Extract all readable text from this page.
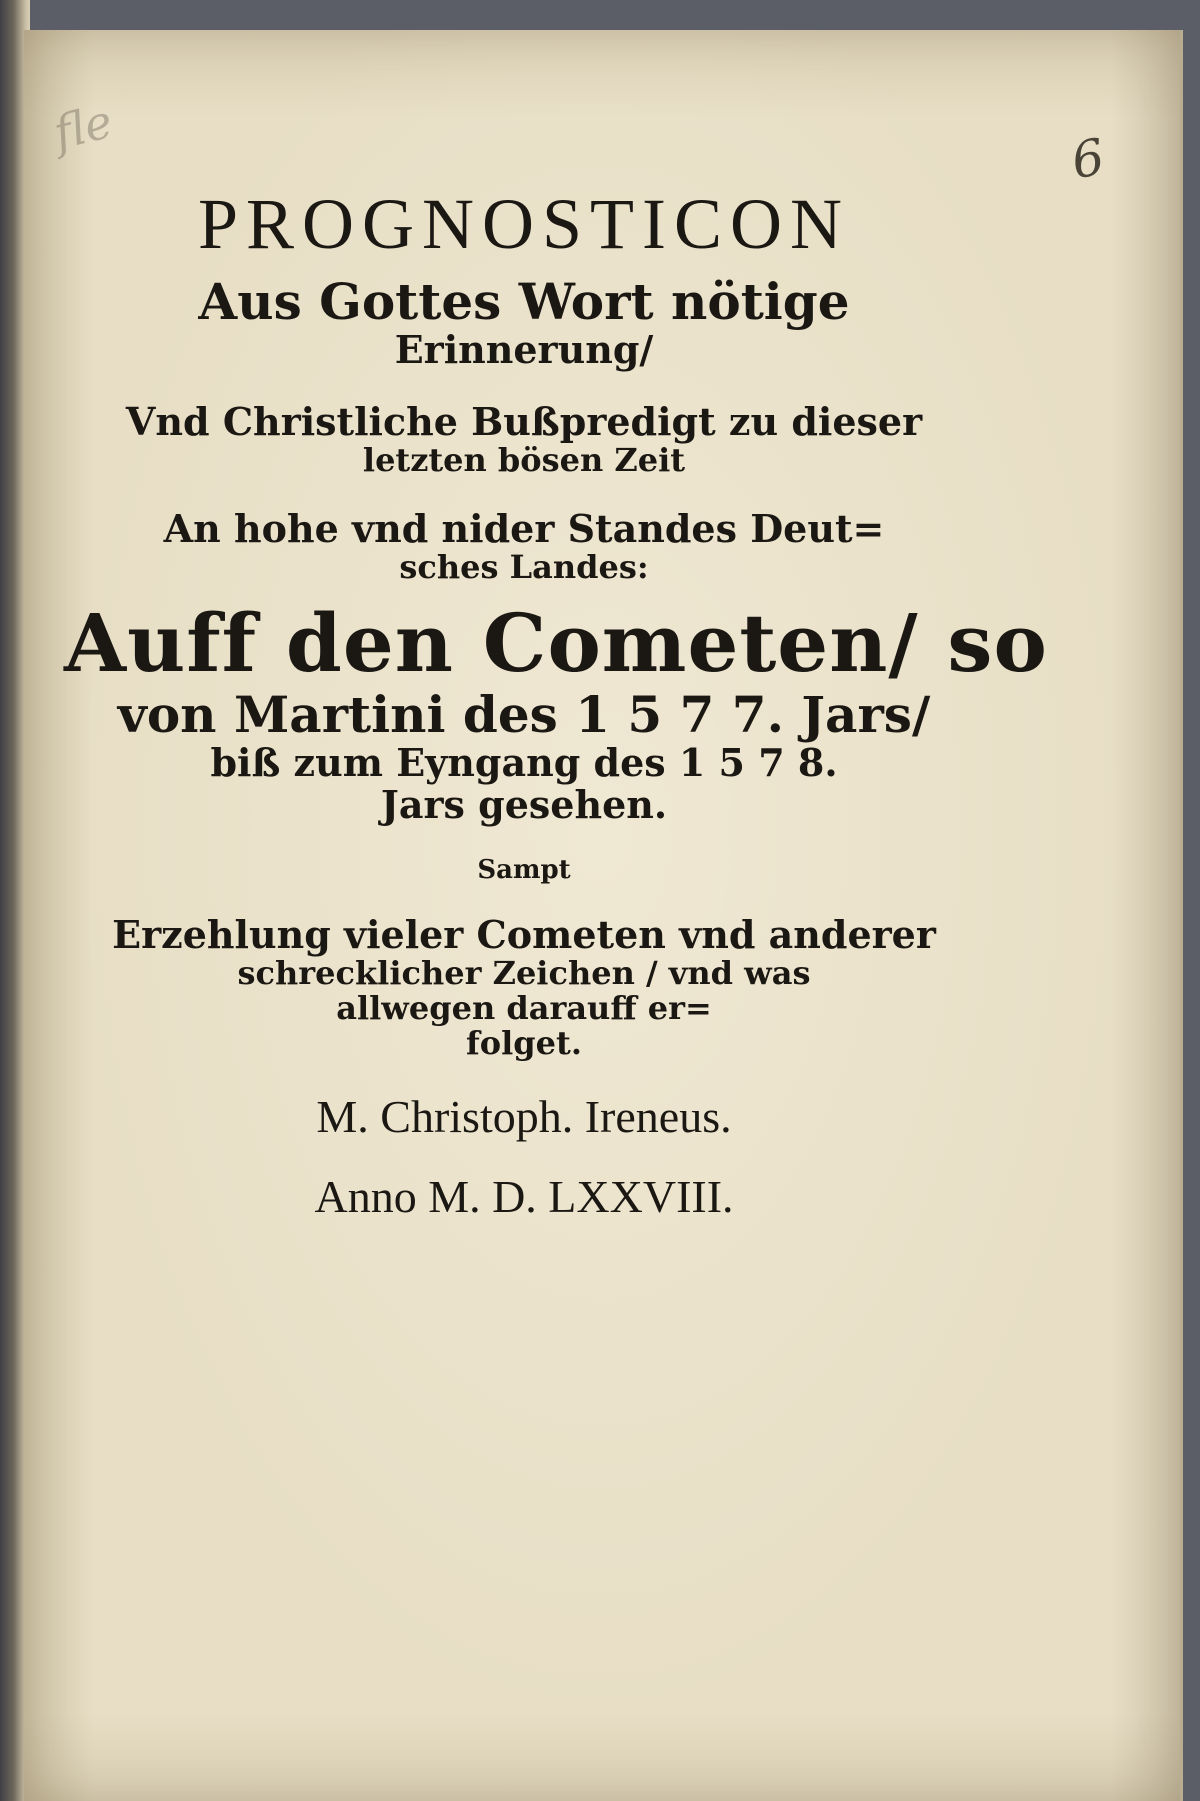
fle	6

PROGNOSTICON

Aus Gottes Wort nötige

Erinnerung/

Vnd Christliche Bußpredigt zu dieser

letzten bösen Zeit

An hohe vnd nider Standes Deut=

sches Landes:

Auff den Cometen/ so

von Martini des 1 5 7 7. Jars/

biß zum Eyngang des 1 5 7 8.

Jars gesehen.

Sampt

Erzehlung vieler Cometen vnd anderer

schrecklicher Zeichen / vnd was

allwegen darauff er=

folget.

M. Christoph. Ireneus.

Anno M. D. LXXVIII.
